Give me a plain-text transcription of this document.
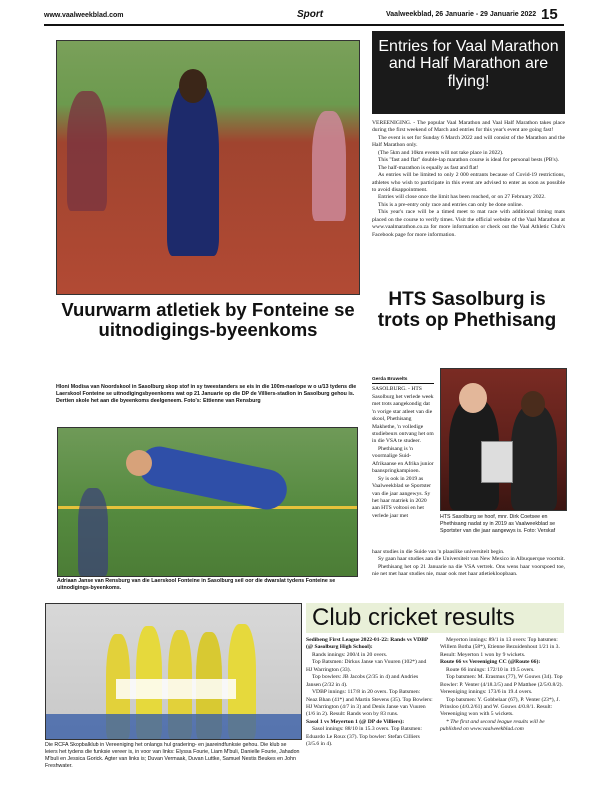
www.vaalweekblad.com	Sport	Vaalweekblad, 26 Januarie - 29 Januarie 2022 15
Vuurwarm atletiek by Fonteine se uitnodigings-byeenkoms
Hloni Modisa van Noordskool in Sasolburg skop stof in sy tweestanders se eis in die 100m-naelope w o u/13 tydens die Laerskool Fonteine se uitnodigingsbyeenkoms wat op 21 Januarie op die DP de Villiers-stadion in Sasolburg gehou is. Dertien skole het aan die byeenkoms deelgeneem. Foto's: Ettienne van Rensburg
Adriaan Janse van Rensburg van die Laerskool Fonteine in Sasolburg seil oor die dwarslat tydens Fonteine se uitnodigings-byeenkoms.
Entries for Vaal Marathon and Half Marathon are flying!

VEREENIGING. - The popular Vaal Marathon and Vaal Half Marathon takes place during the first weekend of March and entries for this year's event are going fast!

The event is set for Sunday 6 March 2022 and will consist of the Marathon and the Half Marathon only.

(The 5km and 10km events will not take place in 2022).

This "fast and flat" double-lap marathon course is ideal for personal bests (PB's).

The half-marathon is equally as fast and flat!

As entries will be limited to only 2 000 entrants because of Covid-19 restrictions, athletes who wish to participate in this event are advised to enter as soon as possible to avoid disappointment.

Entries will close once the limit has been reached, or on 27 February 2022.

This is a pre-entry only race and entries can only be done online.

This year's race will be a timed meet to mat race with additional timing mats placed on the course to verify times. Visit the official website of the Vaal Marathon at www.vaalmarathon.co.za for more information or check out the Vaal Athletic Club's Facebook page for more information.

HTS Sasolburg is trots op Phethisang
Gerda Bruwelts

SASOLBURG. - HTS Sasolburg het verlede week met trots aangekondig dat 'n vorige star atleet van die skool, Phethisang Makhethe, 'n volledige studiebeurs ontvang het om in die VSA te studeer.

Phethisang is 'n voormalige Suid-Afrikaanse en Afrika junior baanspringkampioen.

Sy is ook in 2019 as Vaalweekblad se Sportster van die jaar aangewys. Sy het haar matriek in 2020 aan HTS voltooi en het verlede jaar met	HTS Sasolburg se hoof, mnr. Dirk Coetsee en Phethisang nadat sy in 2019 as Vaalweekblad se Sportster van die jaar aangewys is. Foto: Verskaf

haar studies in die Suide van 'n plaaslike universiteit begin.

Sy gaan haar studies aan die Universiteit van New Mexico in Albuquerque voortsit.

Phethisang het op 21 Januarie na die VSA vertrek. Ons wens haar voorspoed toe, nie net met haar studies nie, maar ook met haar atletiekloopbaan.

Die RCFA Skopbalklub in Vereeniging het onlangs hul gradering- en jaareindfunksie gehou. Die klub se leiers het tydens die funksie vereer is, in voor van links: Elyssa Fourie, Liam M'buli, Danielle Fourie, Jahadon M'buli en Jessica Gorick. Agter van links is; Duvan Vermaak, Duvan Luttke, Samuel Nestis Beukes en John Freshwater.
Club cricket results

Sedibeng First League 2022-01-22: Rands vs VDBP (@ Sasolburg High School):

Rands innings: 200/4 in 20 overs.

Top Batsmen: Dirkus Janse van Vuuren (102*) and HJ Warrington (33).

Top bowlers: JB Jacobs (2/35 in 4) and Andries Jansen (2/32 in 4).

VDBP innings: 117/8 in 20 overs. Top Batsmen: Neaz Bhan (41*) and Martin Stevens (35). Top Bowlers: HJ Warrington (4/7 in 3) and Denis Janse van Vuuren (1/6 in 2). Result: Rands won by 83 runs.

Sasol 1 vs Meyerton 1 (@ DP de Villiers):

Sasol innings: 88/10 in 15.3 overs. Top Batsmen: Eduardo Le Roux (37). Top bowler: Stefan Cilliers (3/5.6 in 4).

Meyerton innings: 89/1 in 13 overs: Top batsmen: Willem Botha (58*), Etienne Bezuidenhout 1/21 in 3. Result: Meyerton 1 won by 9 wickets.

Route 66 vs Vereeniging CC (@Route 66):

Route 66 innings: 172/10 in 19.5 overs.

Top batsmen: M. Erasmus (77), W Gouws (34). Top Bowler: P. Venter (4/18.3/5) and P Matthee (2/5/0.8/2). Vereeniging innings: 173/6 in 19.4 overs.

Top batsmen: Y. Gobbelaar (67), P. Venter (23*), J. Prinsloo (4/0.2/61) and W. Gouws 4/0.8/1. Result: Vereeniging won with 5 wickets.

* The first and second league results will be published on www.vaalweekblad.com
